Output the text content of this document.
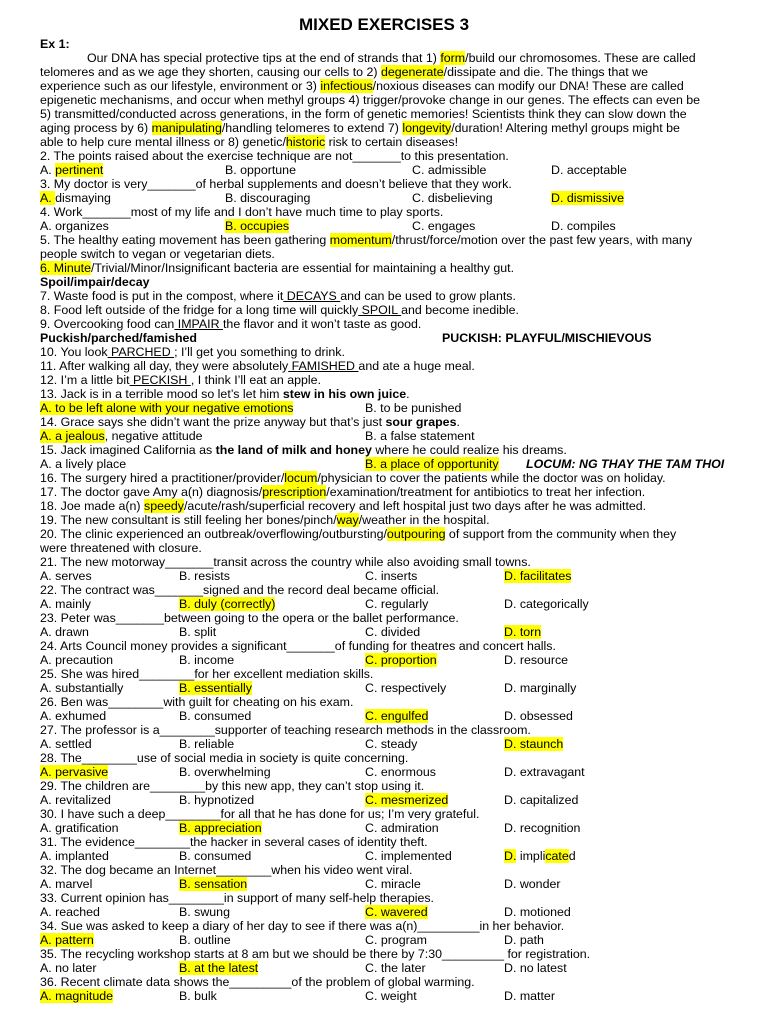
MIXED EXERCISES 3
Ex 1:
Our DNA has special protective tips at the end of strands that 1) form/build our chromosomes. These are called
telomeres and as we age they shorten, causing our cells to 2) degenerate/dissipate and die. The things that we
experience such as our lifestyle, environment or 3) infectious/noxious diseases can modify our DNA! These are called
epigenetic mechanisms, and occur when methyl groups 4) trigger/provoke change in our genes. The effects can even be
5) transmitted/conducted across generations, in the form of genetic memories! Scientists think they can slow down the
aging process by 6) manipulating/handling telomeres to extend 7) longevity/duration! Altering methyl groups might be
able to help cure mental illness or 8) genetic/historic risk to certain diseases!
2. The points raised about the exercise technique are not_______to this presentation.
A. pertinent	B. opportune	C. admissible	D. acceptable
3. My doctor is very_______of herbal supplements and doesn’t believe that they work.
A. dismaying	B. discouraging	C. disbelieving	D. dismissive
4. Work_______most of my life and I don’t have much time to play sports.
A. organizes	B. occupies	C. engages	D. compiles
5. The healthy eating movement has been gathering momentum/thrust/force/motion over the past few years, with many
people switch to vegan or vegetarian diets.
6. Minute/Trivial/Minor/Insignificant bacteria are essential for maintaining a healthy gut.
Spoil/impair/decay
7. Waste food is put in the compost, where it DECAYS and can be used to grow plants.
8. Food left outside of the fridge for a long time will quickly SPOIL and become inedible.
9. Overcooking food can IMPAIR the flavor and it won’t taste as good.
Puckish/parched/famished	PUCKISH: PLAYFUL/MISCHIEVOUS
10. You look PARCHED ; I’ll get you something to drink.
11. After walking all day, they were absolutely FAMISHED and ate a huge meal.
12. I’m a little bit PECKISH , I think I’ll eat an apple.
13. Jack is in a terrible mood so let’s let him stew in his own juice.
A. to be left alone with your negative emotions	B. to be punished
14. Grace says she didn’t want the prize anyway but that’s just sour grapes.
A. a jealous, negative attitude	B. a false statement
15. Jack imagined California as the land of milk and honey where he could realize his dreams.
A. a lively place	B. a place of opportunity LOCUM: NG THAY THE TAM THOI
16. The surgery hired a practitioner/provider/locum/physician to cover the patients while the doctor was on holiday.
17. The doctor gave Amy a(n) diagnosis/prescription/examination/treatment for antibiotics to treat her infection.
18. Joe made a(n) speedy/acute/rash/superficial recovery and left hospital just two days after he was admitted.
19. The new consultant is still feeling her bones/pinch/way/weather in the hospital.
20. The clinic experienced an outbreak/overflowing/outbursting/outpouring of support from the community when they
were threatened with closure.
21. The new motorway_______transit across the country while also avoiding small towns.
A. serves	B. resists	C. inserts	D. facilitates
22. The contract was_______signed and the record deal became official.
A. mainly	B. duly (correctly)	C. regularly	D. categorically
23. Peter was_______between going to the opera or the ballet performance.
A. drawn	B. split	C. divided	D. torn
24. Arts Council money provides a significant_______of funding for theatres and concert halls.
A. precaution	B. income	C. proportion	D. resource
25. She was hired________for her excellent mediation skills.
A. substantially	B. essentially	C. respectively	D. marginally
26. Ben was________with guilt for cheating on his exam.
A. exhumed	B. consumed	C. engulfed	D. obsessed
27. The professor is a________supporter of teaching research methods in the classroom.
A. settled	B. reliable	C. steady	D. staunch
28. The________use of social media in society is quite concerning.
A. pervasive	B. overwhelming	C. enormous	D. extravagant
29. The children are________by this new app, they can’t stop using it.
A. revitalized	B. hypnotized	C. mesmerized	D. capitalized
30. I have such a deep________for all that he has done for us; I’m very grateful.
A. gratification	B. appreciation	C. admiration	D. recognition
31. The evidence________the hacker in several cases of identity theft.
A. implanted	B. consumed	C. implemented	D. implicated
32. The dog became an Internet________when his video went viral.
A. marvel	B. sensation	C. miracle	D. wonder
33. Current opinion has________in support of many self-help therapies.
A. reached	B. swung	C. wavered	D. motioned
34. Sue was asked to keep a diary of her day to see if there was a(n)_________in her behavior.
A. pattern	B. outline	C. program	D. path
35. The recycling workshop starts at 8 am but we should be there by 7:30_________ for registration.
A. no later	B. at the latest	C. the later	D. no latest
36. Recent climate data shows the_________of the problem of global warming.
A. magnitude	B. bulk	C. weight	D. matter
